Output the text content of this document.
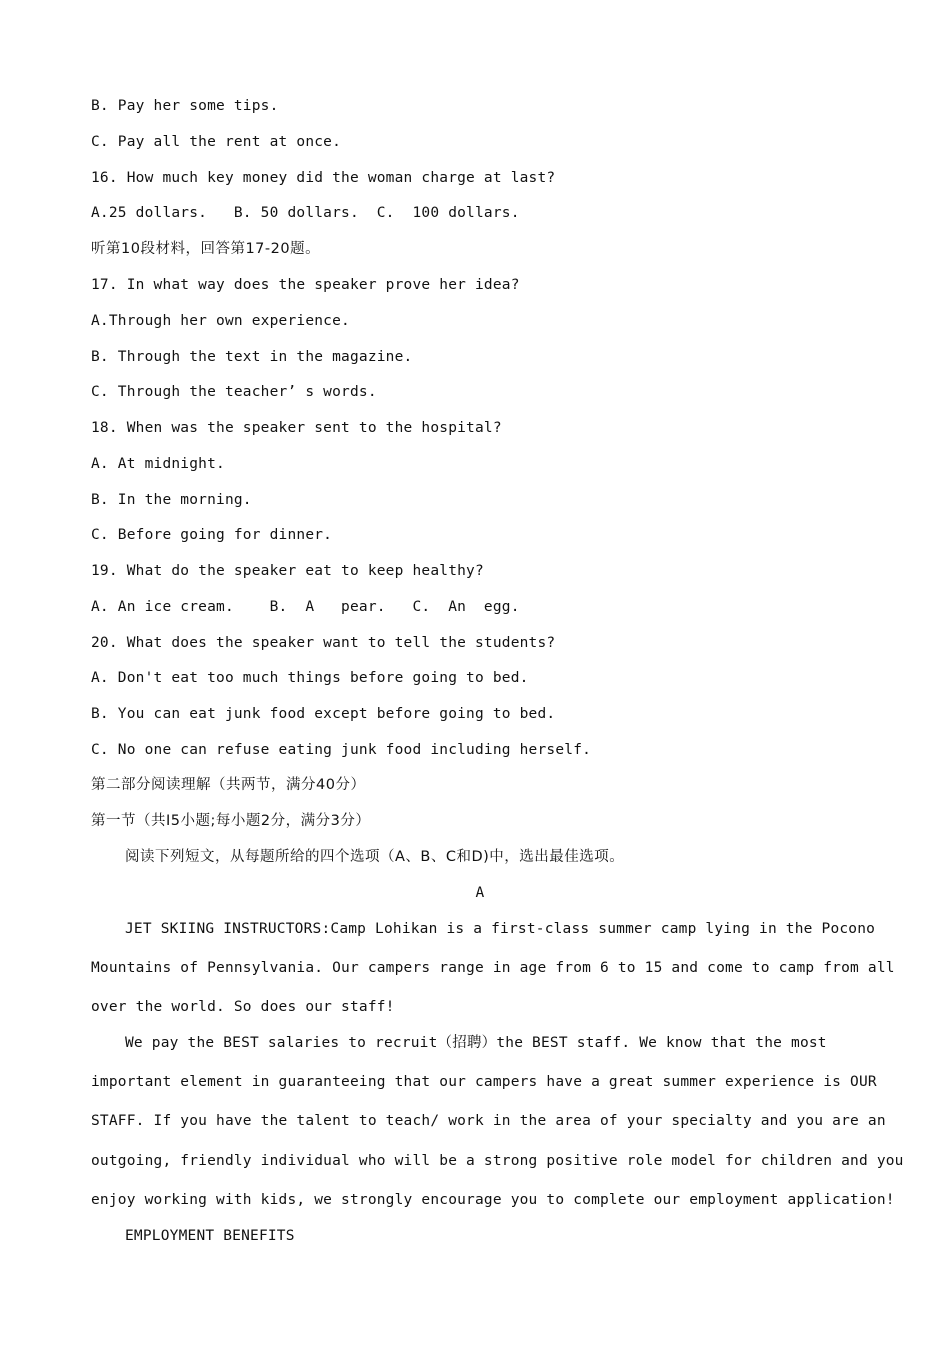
B. Pay her some tips.
C. Pay all the rent at once.
16. How much key money did the woman charge at last?
A.25 dollars.   B. 50 dollars.  C.  100 dollars.
听第10段材料，回答第17-20题。
17. In what way does the speaker prove her idea?
A.Through her own experience.
B. Through the text in the magazine.
C. Through the teacher’ s words.
18. When was the speaker sent to the hospital?
A. At midnight.
B. In the morning.
C. Before going for dinner.
19. What do the speaker eat to keep healthy?
A. An ice cream.    B.  A   pear.   C.  An  egg.
20. What does the speaker want to tell the students?
A. Don't eat too much things before going to bed.
B. You can eat junk food except before going to bed.
C. No one can refuse eating junk food including herself.
第二部分阅读理解（共两节，满分40分）
第一节（共I5小题;每小题2分，满分3分）
阅读下列短文，从每题所给的四个选项（A、B、C和D)中，选出最佳选项。
A
JET SKIING INSTRUCTORS:Camp Lohikan is a first-class summer camp lying in the Pocono
Mountains of Pennsylvania. Our campers range in age from 6 to 15 and come to camp from all
over the world. So does our staff!
We pay the BEST salaries to recruit（招聘）the BEST staff. We know that the most
important element in guaranteeing that our campers have a great summer experience is OUR
STAFF. If you have the talent to teach/ work in the area of your specialty and you are an
outgoing, friendly individual who will be a strong positive role model for children and you
enjoy working with kids, we strongly encourage you to complete our employment application!
EMPLOYMENT BENEFITS
